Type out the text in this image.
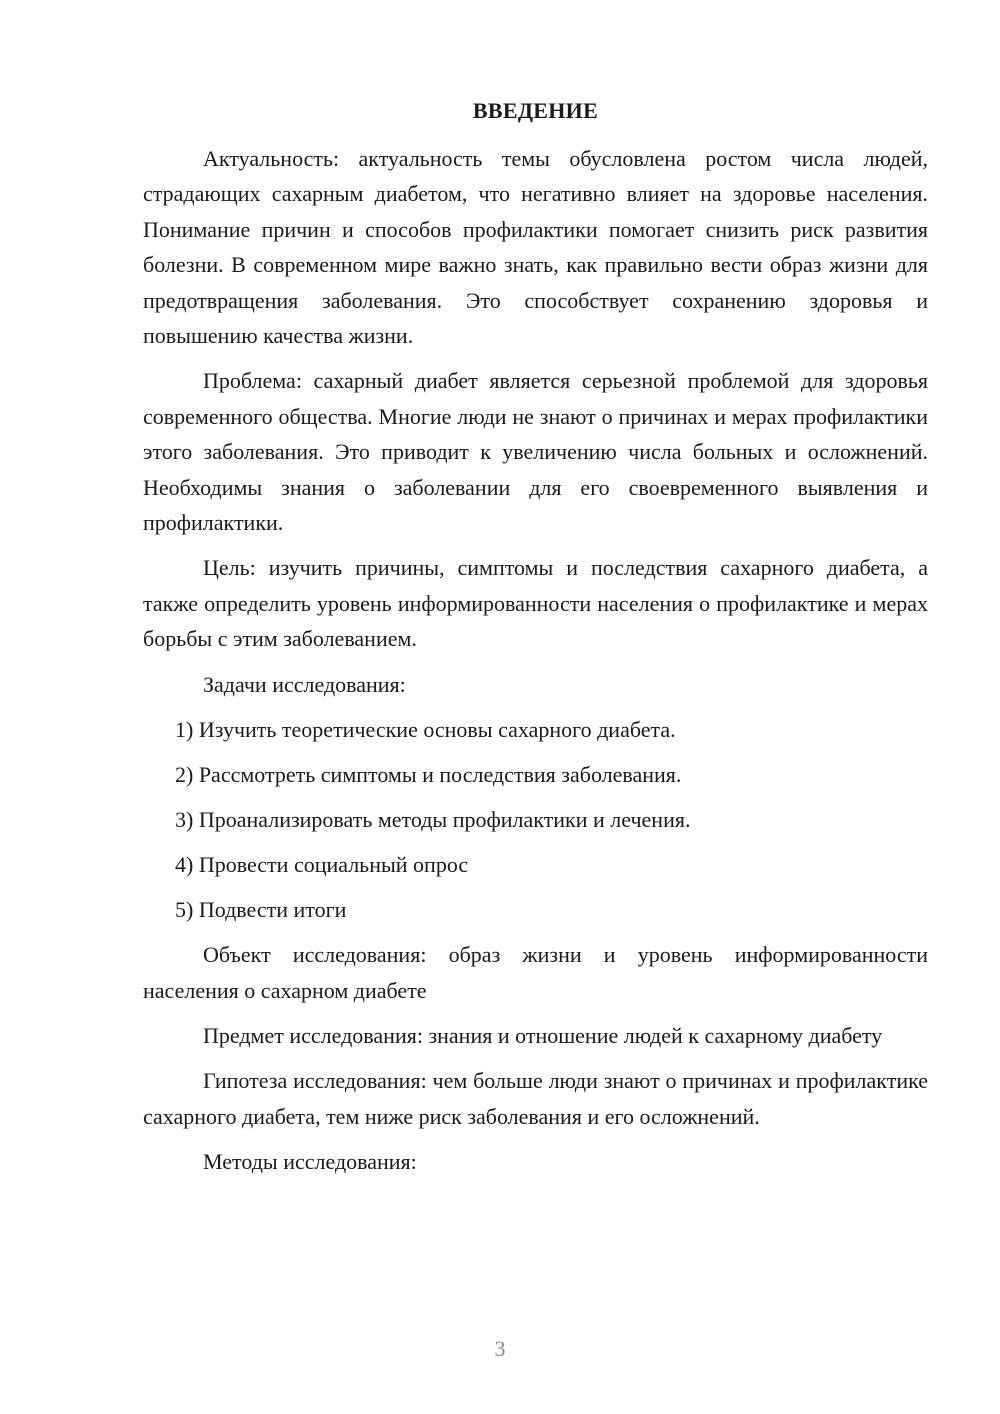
ВВЕДЕНИЕ

Актуальность: актуальность темы обусловлена ростом числа людей, страдающих сахарным диабетом, что негативно влияет на здоровье населения. Понимание причин и способов профилактики помогает снизить риск развития болезни. В современном мире важно знать, как правильно вести образ жизни для предотвращения заболевания. Это способствует сохранению здоровья и повышению качества жизни.

Проблема: сахарный диабет является серьезной проблемой для здоровья современного общества. Многие люди не знают о причинах и мерах профилактики этого заболевания. Это приводит к увеличению числа больных и осложнений. Необходимы знания о заболевании для его своевременного выявления и профилактики.

Цель: изучить причины, симптомы и последствия сахарного диабета, а также определить уровень информированности населения о профилактике и мерах борьбы с этим заболеванием.

Задачи исследования:

1) Изучить теоретические основы сахарного диабета.
2) Рассмотреть симптомы и последствия заболевания.
3) Проанализировать методы профилактики и лечения.
4) Провести социальный опрос
5) Подвести итоги

Объект исследования: образ жизни и уровень информированности населения о сахарном диабете

Предмет исследования: знания и отношение людей к сахарному диабету

Гипотеза исследования: чем больше люди знают о причинах и профилактике сахарного диабета, тем ниже риск заболевания и его осложнений.

Методы исследования:

3
